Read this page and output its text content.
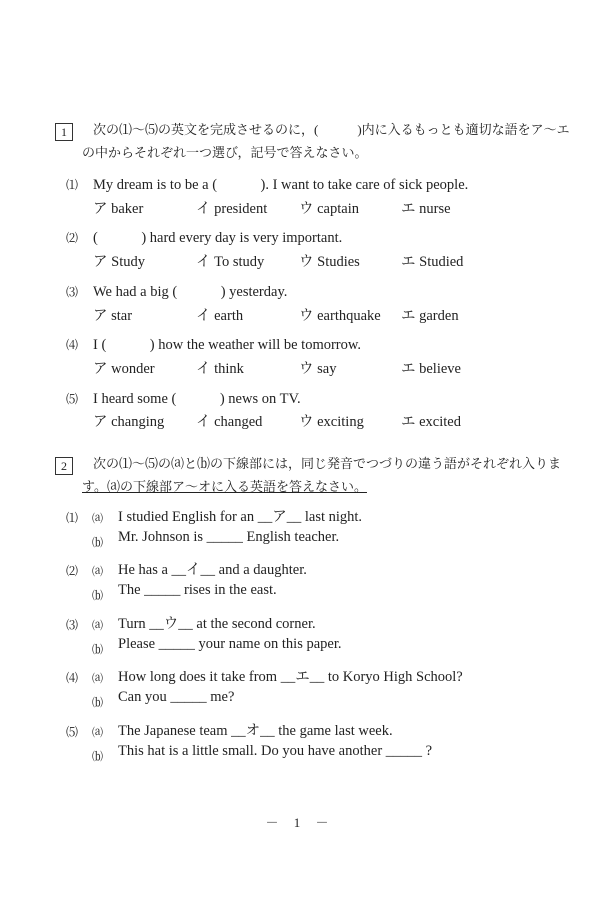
1	次の⑴〜⑸の英文を完成させるのに，(　　　)内に入るもっとも適切な語をア〜エ
の中からそれぞれ一つ選び，記号で答えなさい。
⑴ My dream is to be a (　　　). I want to take care of sick people.
ア baker	イ president ウ captain	エ nurse
⑵ (　　　) hard every day is very important.
ア Study	イ To study ウ Studies	エ Studied
⑶ We had a big (　　　) yesterday.
ア star	イ earth	ウ earthquake エ garden
⑷ I (　　　) how the weather will be tomorrow.
ア wonder	イ think	ウ say	エ believe
⑸ I heard some (　　　) news on TV.
ア changing イ changed	ウ exciting	エ excited
2	次の⑴〜⑸の⒜と⒝の下線部には，同じ発音でつづりの違う語がそれぞれ入りま
す。⒜の下線部ア〜オに入る英語を答えなさい。
⑴ ⒜ I studied English for an __ア__ last night.
⒝ Mr. Johnson is _____ English teacher.
⑵ ⒜ He has a __イ__ and a daughter.
⒝ The _____ rises in the east.
⑶ ⒜ Turn __ウ__ at the second corner.
⒝ Please _____ your name on this paper.
⑷ ⒜ How long does it take from __エ__ to Koryo High School?
⒝ Can you _____ me?
⑸ ⒜ The Japanese team __オ__ the game last week.
⒝ This hat is a little small. Do you have another _____ ?
－ 1 －
